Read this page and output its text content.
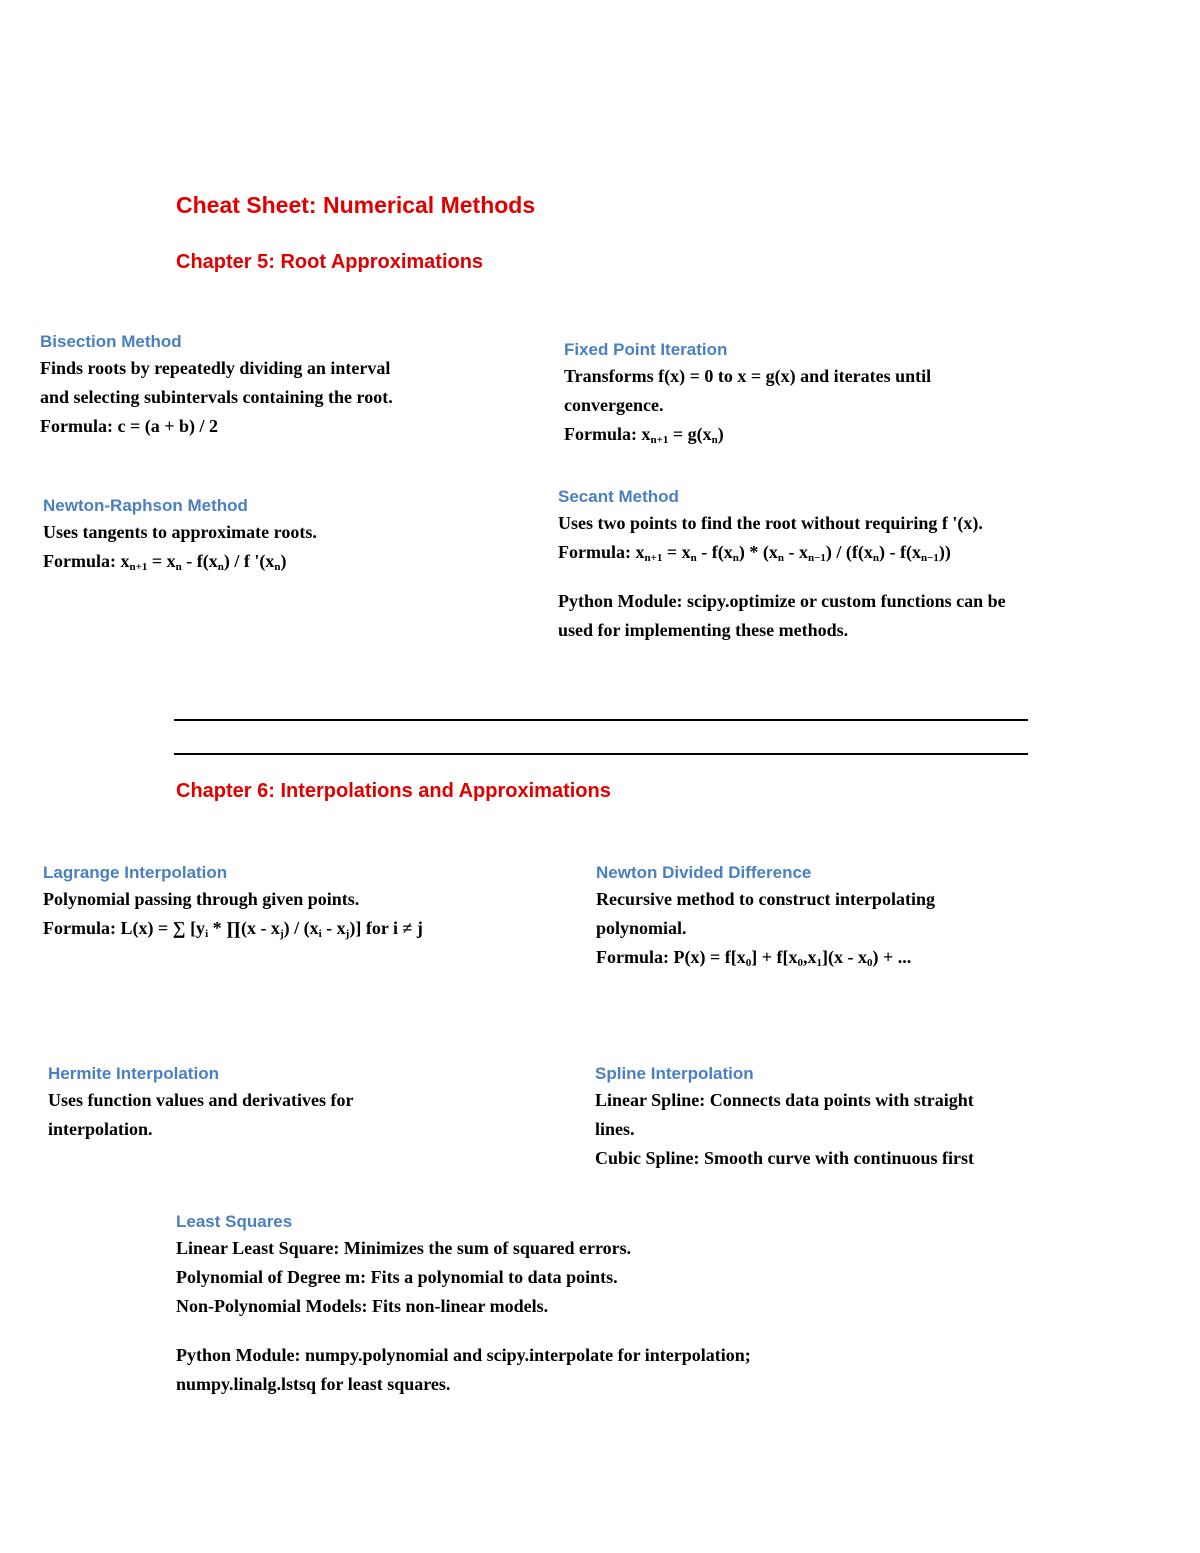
Cheat Sheet: Numerical Methods
Chapter 5: Root Approximations
Bisection Method
Finds roots by repeatedly dividing an interval
and selecting subintervals containing the root.
Formula: c = (a + b) / 2
Fixed Point Iteration
Transforms f(x) = 0 to x = g(x) and iterates until
convergence.
Formula: $x_{n+1} = g(x_n)$
Newton-Raphson Method
Uses tangents to approximate roots.
Formula: $x_{n+1} = x_n - f(x_n) / f$ '$(x_n)$
Secant Method
Uses two points to find the root without requiring f '(x).
Formula: $x_{n+1} = x_n - f(x_n) * (x_n - x_{n-1}) / (f(x_n) - f(x_{n-1}))$
Python Module: scipy.optimize or custom functions can be
used for implementing these methods.
Chapter 6: Interpolations and Approximations
Lagrange Interpolation
Polynomial passing through given points.
Formula: L(x) = ∑ [$y_i$ * ∏(x - $x_j) / (x_i - x_j)$] for i ≠ j
Newton Divided Difference
Recursive method to construct interpolating
polynomial.
Formula: $P(x) = f[x_0] + f[x_0,x_1](x - x_0)$ + ...
Hermite Interpolation
Uses function values and derivatives for
interpolation.
Spline Interpolation
Linear Spline: Connects data points with straight
lines.
Cubic Spline: Smooth curve with continuous first
Least Squares
Linear Least Square: Minimizes the sum of squared errors.
Polynomial of Degree m: Fits a polynomial to data points.
Non-Polynomial Models: Fits non-linear models.
Python Module: numpy.polynomial and scipy.interpolate for interpolation;
numpy.linalg.lstsq for least squares.
